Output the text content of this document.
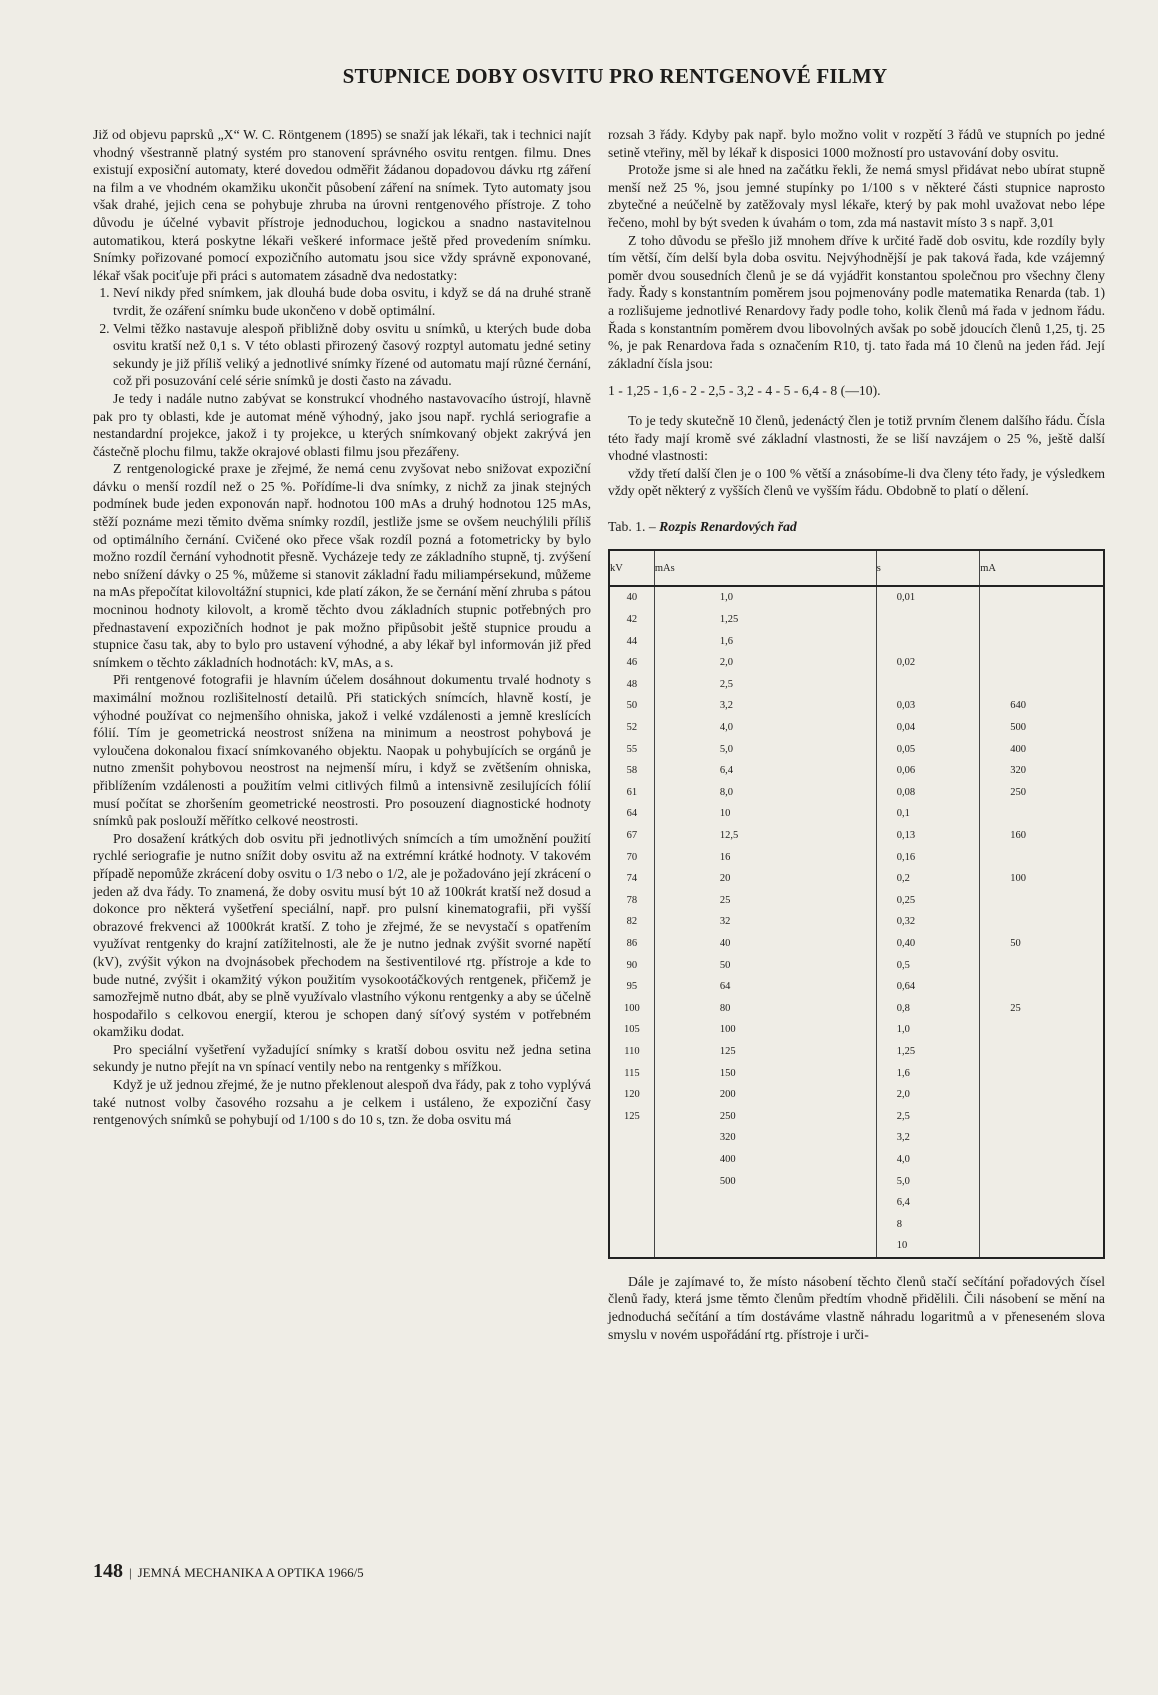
STUPNICE DOBY OSVITU PRO RENTGENOVÉ FILMY

Již od objevu paprsků „X“ W. C. Röntgenem (1895) se snaží jak lékaři, tak i technici najít vhodný všestranně platný systém pro stanovení správného osvitu rentgen. filmu. Dnes existují exposiční automaty, které dovedou odměřit žádanou dopadovou dávku rtg záření na film a ve vhodném okamžiku ukončit působení záření na snímek. Tyto automaty jsou však drahé, jejich cena se pohybuje zhruba na úrovni rentgenového přístroje. Z toho důvodu je účelné vybavit přístroje jednoduchou, logickou a snadno nastavitelnou automatikou, která poskytne lékaři veškeré informace ještě před provedením snímku. Snímky pořizované pomocí expozičního automatu jsou sice vždy správně exponované, lékař však pociťuje při práci s automatem zásadně dva nedostatky:

1. Neví nikdy před snímkem, jak dlouhá bude doba osvitu, i když se dá na druhé straně tvrdit, že ozáření snímku bude ukončeno v době optimální.
2. Velmi těžko nastavuje alespoň přibližně doby osvitu u snímků, u kterých bude doba osvitu kratší než 0,1 s. V této oblasti přirozený časový rozptyl automatu jedné setiny sekundy je již příliš veliký a jednotlivé snímky řízené od automatu mají různé černání, což při posuzování celé série snímků je dosti často na závadu.

Je tedy i nadále nutno zabývat se konstrukcí vhodného nastavovacího ústrojí, hlavně pak pro ty oblasti, kde je automat méně výhodný, jako jsou např. rychlá seriografie a nestandardní projekce, jakož i ty projekce, u kterých snímkovaný objekt zakrývá jen částečně plochu filmu, takže okrajové oblasti filmu jsou přezářeny.

Z rentgenologické praxe je zřejmé, že nemá cenu zvyšovat nebo snižovat expoziční dávku o menší rozdíl než o 25 %. Pořídíme-li dva snímky, z nichž za jinak stejných podmínek bude jeden exponován např. hodnotou 100 mAs a druhý hodnotou 125 mAs, stěží poznáme mezi těmito dvěma snímky rozdíl, jestliže jsme se ovšem neuchýlili příliš od optimálního černání. Cvičené oko přece však rozdíl pozná a fotometricky by bylo možno rozdíl černání vyhodnotit přesně. Vycházeje tedy ze základního stupně, tj. zvýšení nebo snížení dávky o 25 %, můžeme si stanovit základní řadu miliampérsekund, můžeme na mAs přepočítat kilovoltážní stupnici, kde platí zákon, že se černání mění zhruba s pátou mocninou hodnoty kilovolt, a kromě těchto dvou základních stupnic potřebných pro přednastavení expozičních hodnot je pak možno připůsobit ještě stupnice proudu a stupnice času tak, aby to bylo pro ustavení výhodné, a aby lékař byl informován již před snímkem o těchto základních hodnotách: kV, mAs, a s.

Při rentgenové fotografii je hlavním účelem dosáhnout dokumentu trvalé hodnoty s maximální možnou rozlišitelností detailů. Při statických snímcích, hlavně kostí, je výhodné používat co nejmenšího ohniska, jakož i velké vzdálenosti a jemně kreslících fólií. Tím je geometrická neostrost snížena na minimum a neostrost pohybová je vyloučena dokonalou fixací snímkovaného objektu. Naopak u pohybujících se orgánů je nutno zmenšit pohybovou neostrost na nejmenší míru, i když se zvětšením ohniska, přiblížením vzdálenosti a použitím velmi citlivých filmů a intensivně zesilujících fólií musí počítat se zhoršením geometrické neostrosti. Pro posouzení diagnostické hodnoty snímků pak poslouží měřítko celkové neostrosti.

Pro dosažení krátkých dob osvitu při jednotlivých snímcích a tím umožnění použití rychlé seriografie je nutno snížit doby osvitu až na extrémní krátké hodnoty. V takovém případě nepomůže zkrácení doby osvitu o 1/3 nebo o 1/2, ale je požadováno její zkrácení o jeden až dva řády. To znamená, že doby osvitu musí být 10 až 100krát kratší než dosud a dokonce pro některá vyšetření speciální, např. pro pulsní kinematografii, při vyšší obrazové frekvenci až 1000krát kratší. Z toho je zřejmé, že se nevystačí s opatřením využívat rentgenky do krajní zatížitelnosti, ale že je nutno jednak zvýšit svorné napětí (kV), zvýšit výkon na dvojnásobek přechodem na šestiventilové rtg. přístroje a kde to bude nutné, zvýšit i okamžitý výkon použitím vysokootáčkových rentgenek, přičemž je samozřejmě nutno dbát, aby se plně využívalo vlastního výkonu rentgenky a aby se účelně hospodařilo s celkovou energií, kterou je schopen daný síťový systém v potřebném okamžiku dodat.

Pro speciální vyšetření vyžadující snímky s kratší dobou osvitu než jedna setina sekundy je nutno přejít na vn spínací ventily nebo na rentgenky s mřížkou.

Když je už jednou zřejmé, že je nutno překlenout alespoň dva řády, pak z toho vyplývá také nutnost volby časového rozsahu a je celkem i ustáleno, že expoziční časy rentgenových snímků se pohybují od 1/100 s do 10 s, tzn. že doba osvitu má

rozsah 3 řády. Kdyby pak např. bylo možno volit v rozpětí 3 řádů ve stupních po jedné setině vteřiny, měl by lékař k disposici 1000 možností pro ustavování doby osvitu.

Protože jsme si ale hned na začátku řekli, že nemá smysl přidávat nebo ubírat stupně menší než 25 %, jsou jemné stupínky po 1/100 s v některé části stupnice naprosto zbytečné a neúčelně by zatěžovaly mysl lékaře, který by pak mohl uvažovat nebo lépe řečeno, mohl by být sveden k úvahám o tom, zda má nastavit místo 3 s např. 3,01

Z toho důvodu se přešlo již mnohem dříve k určité řadě dob osvitu, kde rozdíly byly tím větší, čím delší byla doba osvitu. Nejvýhodnější je pak taková řada, kde vzájemný poměr dvou sousedních členů je se dá vyjádřit konstantou společnou pro všechny členy řady. Řady s konstantním poměrem jsou pojmenovány podle matematika Renarda (tab. 1) a rozlišujeme jednotlivé Renardovy řady podle toho, kolik členů má řada v jednom řádu. Řada s konstantním poměrem dvou libovolných avšak po sobě jdoucích členů 1,25, tj. 25 %, je pak Renardova řada s označením R10, tj. tato řada má 10 členů na jeden řád. Její základní čísla jsou:

1 - 1,25 - 1,6 - 2 - 2,5 - 3,2 - 4 - 5 - 6,4 - 8 (—10).

To je tedy skutečně 10 členů, jedenáctý člen je totiž prvním členem dalšího řádu. Čísla této řady mají kromě své základní vlastnosti, že se liší navzájem o 25 %, ještě další vhodné vlastnosti:

vždy třetí další člen je o 100 % větší a znásobíme-li dva členy této řady, je výsledkem vždy opět některý z vyšších členů ve vyšším řádu. Obdobně to platí o dělení.

Tab. 1. – Rozpis Renardových řad

kV	mAs	s	mA
40	1,0	0,01	
42	1,25		
44	1,6		
46	2,0	0,02	
48	2,5		
50	3,2	0,03	640
52	4,0	0,04	500
55	5,0	0,05	400
58	6,4	0,06	320
61	8,0	0,08	250
64	10	0,1	
67	12,5	0,13	160
70	16	0,16	
74	20	0,2	100
78	25	0,25	
82	32	0,32	
86	40	0,40	50
90	50	0,5	
95	64	0,64	
100	80	0,8	25
105	100	1,0	
110	125	1,25	
115	150	1,6	
120	200	2,0	
125	250	2,5	
	320	3,2	
	400	4,0	
	500	5,0	
		6,4	
		8	
		10	

Dále je zajímavé to, že místo násobení těchto členů stačí sečítání pořadových čísel členů řady, která jsme těmto členům předtím vhodně přidělili. Čili násobení se mění na jednoduchá sečítání a tím dostáváme vlastně náhradu logaritmů a v přeneseném slova smyslu v novém uspořádání rtg. přístroje i urči-

148 | JEMNÁ MECHANIKA A OPTIKA 1966/5
